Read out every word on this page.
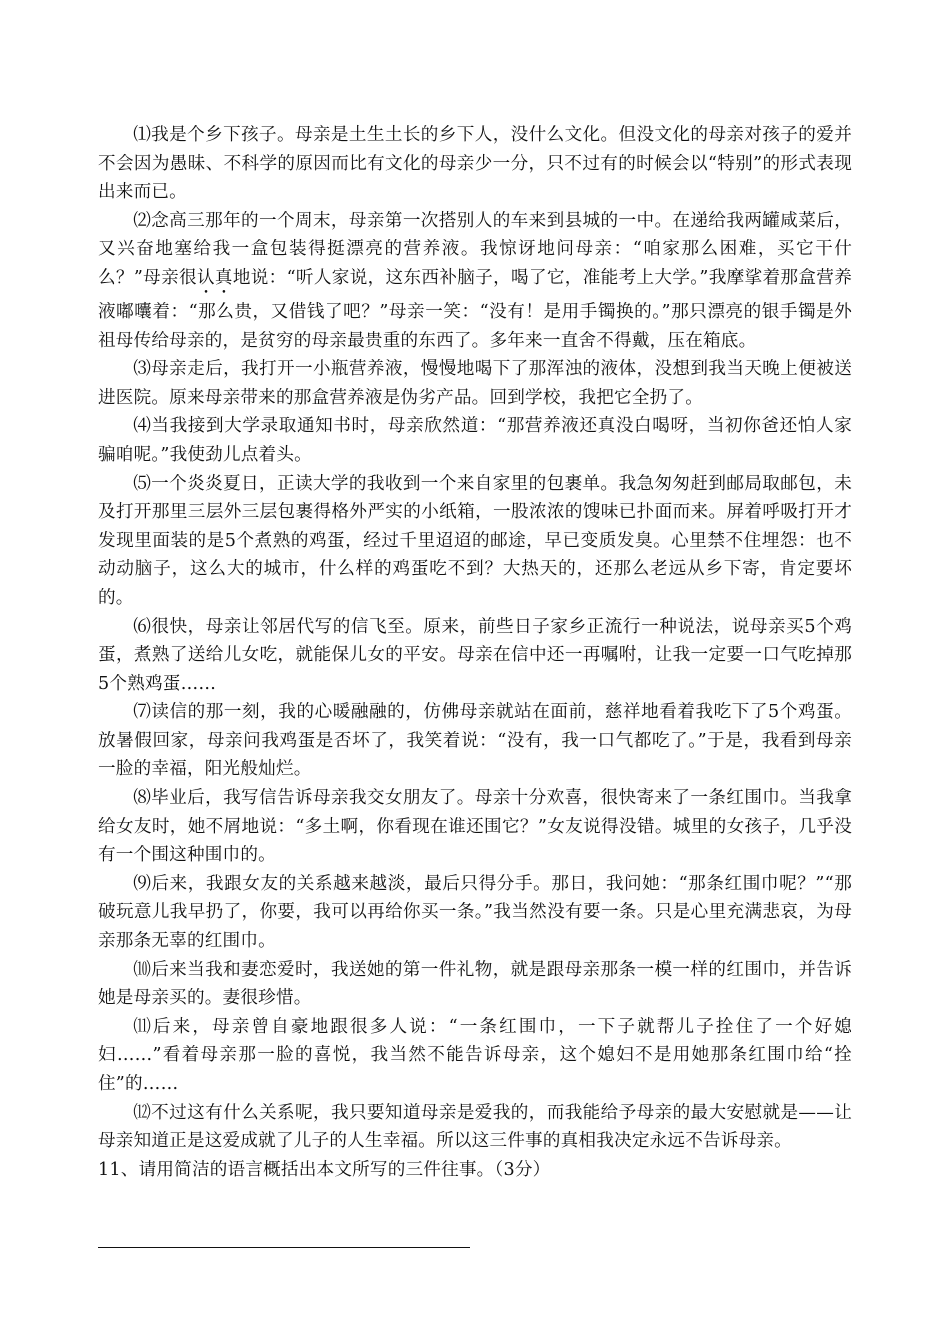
⑴我是个乡下孩子。母亲是土生土长的乡下人，没什么文化。但没文化的母亲对孩子的爱并不会因为愚昧、不科学的原因而比有文化的母亲少一分，只不过有的时候会以“特别”的形式表现出来而已。

⑵念高三那年的一个周末，母亲第一次搭别人的车来到县城的一中。在递给我两罐咸菜后，又兴奋地塞给我一盒包装得挺漂亮的营养液。我惊讶地问母亲：“咱家那么困难，买它干什么？”母亲很认真地说：“听人家说，这东西补脑子，喝了它，准能考上大学。”我摩挲着那盒营养液嘟囔着：“那么贵，又借钱了吧？”母亲一笑：“没有！是用手镯换的。”那只漂亮的银手镯是外祖母传给母亲的，是贫穷的母亲最贵重的东西了。多年来一直舍不得戴，压在箱底。

⑶母亲走后，我打开一小瓶营养液，慢慢地喝下了那浑浊的液体，没想到我当天晚上便被送进医院。原来母亲带来的那盒营养液是伪劣产品。回到学校，我把它全扔了。

⑷当我接到大学录取通知书时，母亲欣然道：“那营养液还真没白喝呀，当初你爸还怕人家骗咱呢。”我使劲儿点着头。

⑸一个炎炎夏日，正读大学的我收到一个来自家里的包裹单。我急匆匆赶到邮局取邮包，未及打开那里三层外三层包裹得格外严实的小纸箱，一股浓浓的馊味已扑面而来。屏着呼吸打开才发现里面装的是5个煮熟的鸡蛋，经过千里迢迢的邮途，早已变质发臭。心里禁不住埋怨：也不动动脑子，这么大的城市，什么样的鸡蛋吃不到？大热天的，还那么老远从乡下寄，肯定要坏的。

⑹很快，母亲让邻居代写的信飞至。原来，前些日子家乡正流行一种说法，说母亲买5个鸡蛋，煮熟了送给儿女吃，就能保儿女的平安。母亲在信中还一再嘱咐，让我一定要一口气吃掉那5个熟鸡蛋……

⑺读信的那一刻，我的心暖融融的，仿佛母亲就站在面前，慈祥地看着我吃下了5个鸡蛋。放暑假回家，母亲问我鸡蛋是否坏了，我笑着说：“没有，我一口气都吃了。”于是，我看到母亲一脸的幸福，阳光般灿烂。

⑻毕业后，我写信告诉母亲我交女朋友了。母亲十分欢喜，很快寄来了一条红围巾。当我拿给女友时，她不屑地说：“多土啊，你看现在谁还围它？”女友说得没错。城里的女孩子，几乎没有一个围这种围巾的。

⑼后来，我跟女友的关系越来越淡，最后只得分手。那日，我问她：“那条红围巾呢？”“那破玩意儿我早扔了，你要，我可以再给你买一条。”我当然没有要一条。只是心里充满悲哀，为母亲那条无辜的红围巾。

⑽后来当我和妻恋爱时，我送她的第一件礼物，就是跟母亲那条一模一样的红围巾，并告诉她是母亲买的。妻很珍惜。

⑾后来，母亲曾自豪地跟很多人说：“一条红围巾，一下子就帮儿子拴住了一个好媳妇……”看着母亲那一脸的喜悦，我当然不能告诉母亲，这个媳妇不是用她那条红围巾给“拴住”的……

⑿不过这有什么关系呢，我只要知道母亲是爱我的，而我能给予母亲的最大安慰就是——让母亲知道正是这爱成就了儿子的人生幸福。所以这三件事的真相我决定永远不告诉母亲。

11、请用简洁的语言概括出本文所写的三件往事。（3分）
